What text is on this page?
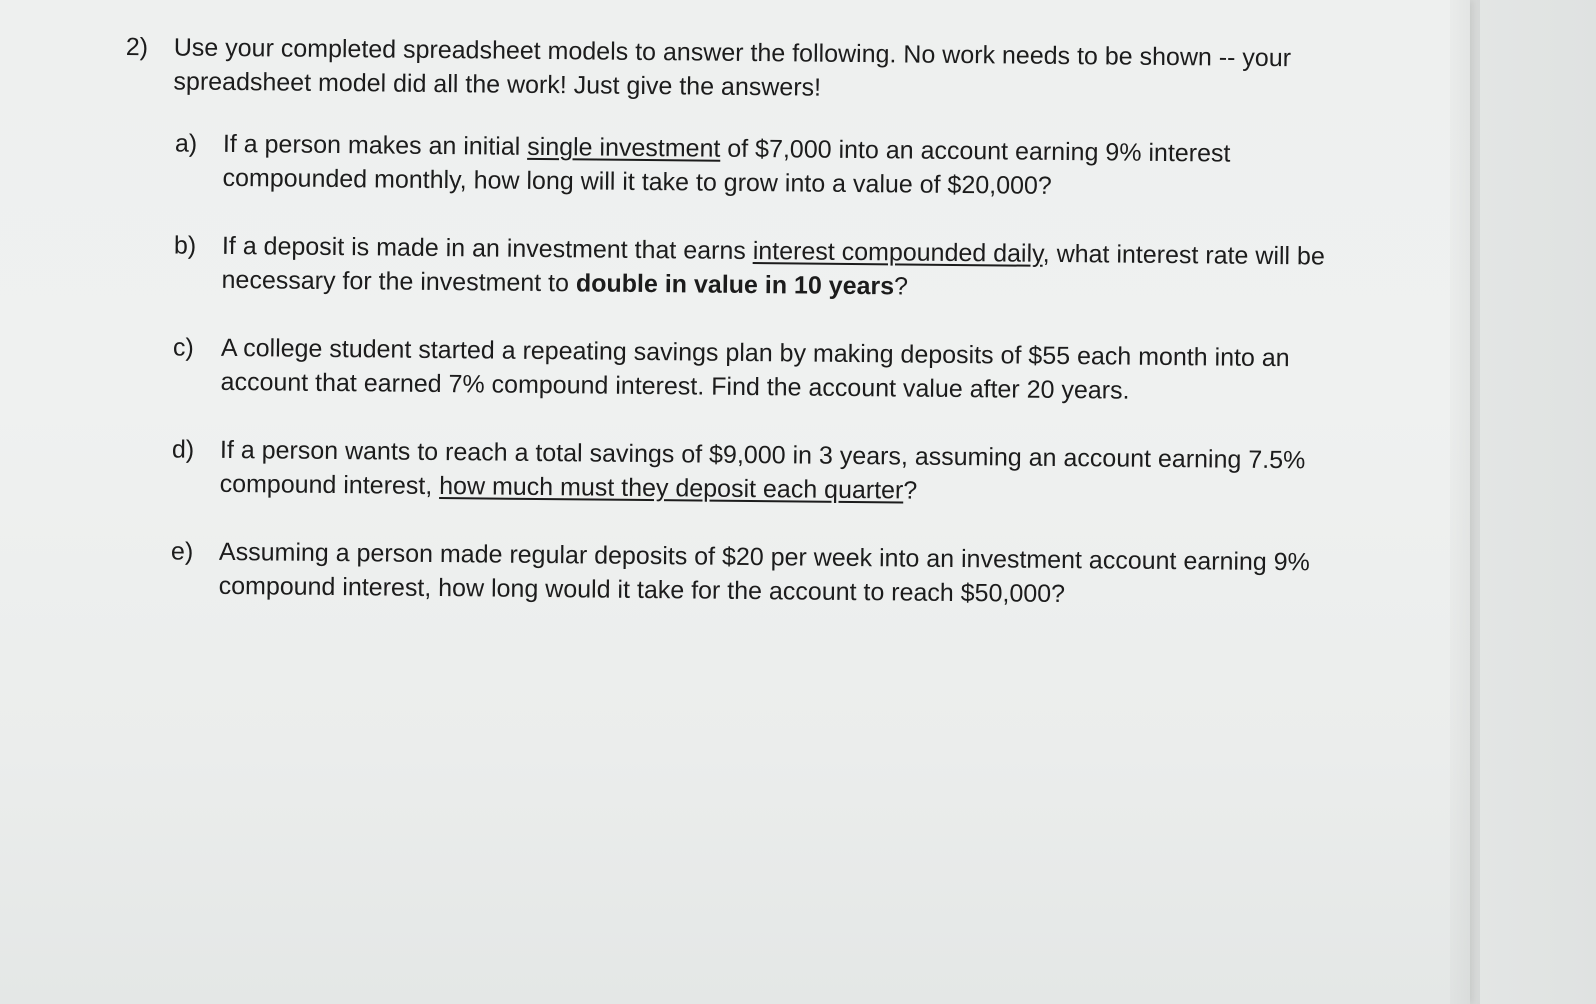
2)	Use your completed spreadsheet models to answer the following. No work needs to be shown -- your spreadsheet model did all the work! Just give the answers!
a)	If a person makes an initial single investment of $7,000 into an account earning 9% interest compounded monthly, how long will it take to grow into a value of $20,000?
b)	If a deposit is made in an investment that earns interest compounded daily, what interest rate will be necessary for the investment to double in value in 10 years?
c)	A college student started a repeating savings plan by making deposits of $55 each month into an account that earned 7% compound interest. Find the account value after 20 years.
d)	If a person wants to reach a total savings of $9,000 in 3 years, assuming an account earning 7.5% compound interest, how much must they deposit each quarter?
e)	Assuming a person made regular deposits of $20 per week into an investment account earning 9% compound interest, how long would it take for the account to reach $50,000?
